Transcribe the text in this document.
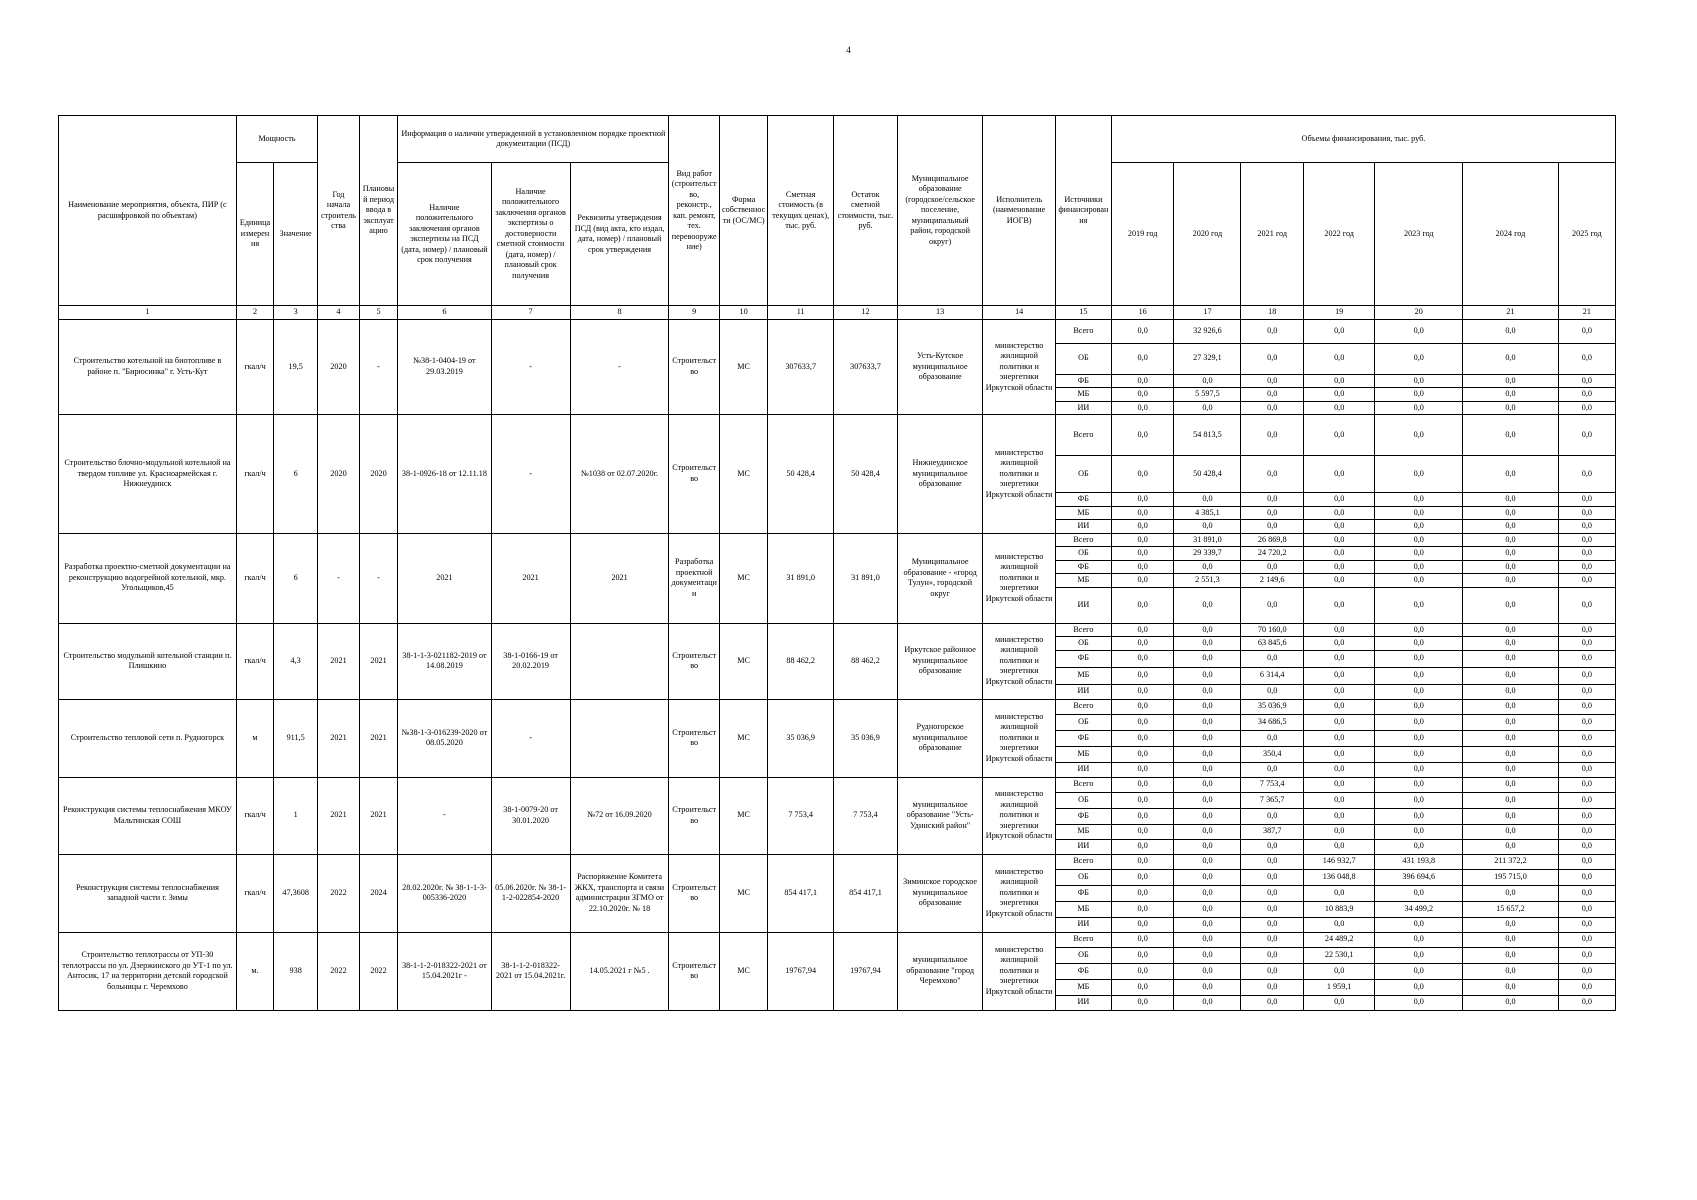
4
Наименование мероприятия, объекта, ПИР (с расшифровкой по объектам)	Мощность		Год начала строительства	Плановый период ввода в эксплуатацию	Информация о наличии утвержденной в установленном порядке проектной документации (ПСД)			Вид работ (строительство, реконстр., кап. ремонт, тех. перевооружение)	Форма собственности (ОС/МС)	Сметная стоимость (в текущих ценах), тыс. руб.	Остаток сметной стоимости, тыс. руб.	Муниципальное образование (городское/сельское поселение, муниципальный район, городской округ)	Исполнитель (наименование ИОГВ)	Источники финансирования	Объемы финансирования, тыс. руб.						
	Единица измерения	Значение			Наличие положительного заключения органов экспертизы на ПСД (дата, номер) / плановый срок получения	Наличие положительного заключения органов экспертизы о достоверности сметной стоимости (дата, номер) / плановый срок получения	Реквизиты утверждения ПСД (вид акта, кто издал, дата, номер) / плановый срок утверждения								2019 год	2020 год	2021 год	2022 год	2023 год	2024 год	2025 год
1	2	3	4	5	6	7	8	9	10	11	12	13	14	15	16	17	18	19	20	21	21
Строительство котельной на биотопливе в районе п. "Бирюсинка" г. Усть-Кут	гкал/ч	19,5	2020	-	№38-1-0404-19 от 29.03.2019	-	-	Строительство	МС	307633,7	307633,7	Усть-Кутское муниципальное образование	министерство жилищной политики и энергетики Иркутской области	Всего	0,0	32 926,6	0,0	0,0	0,0	0,0	0,0
														ОБ	0,0	27 329,1	0,0	0,0	0,0	0,0	0,0
														ФБ	0,0	0,0	0,0	0,0	0,0	0,0	0,0
														МБ	0,0	5 597,5	0,0	0,0	0,0	0,0	0,0
														ИИ	0,0	0,0	0,0	0,0	0,0	0,0	0,0
Строительство блочно-модульной котельной на твердом топливе ул. Красноармейская г. Нижнеудинск	гкал/ч	6	2020	2020	38-1-0926-18 от 12.11.18	-	№1038 от 02.07.2020г.	Строительство	МС	50 428,4	50 428,4	Нижнеудинское муниципальное образование	министерство жилищной политики и энергетики Иркутской области	Всего	0,0	54 813,5	0,0	0,0	0,0	0,0	0,0
														ОБ	0,0	50 428,4	0,0	0,0	0,0	0,0	0,0
														ФБ	0,0	0,0	0,0	0,0	0,0	0,0	0,0
														МБ	0,0	4 385,1	0,0	0,0	0,0	0,0	0,0
														ИИ	0,0	0,0	0,0	0,0	0,0	0,0	0,0
Разработка проектно-сметной документации на реконструкцию водогрейной котельной, мкр. Угольщиков,45	гкал/ч	6	-	-	2021	2021	2021	Разработка проектной документации	МС	31 891,0	31 891,0	Муниципальное образование - «город Тулун», городской округ	министерство жилищной политики и энергетики Иркутской области	Всего	0,0	31 891,0	26 869,8	0,0	0,0	0,0	0,0
														ОБ	0,0	29 339,7	24 720,2	0,0	0,0	0,0	0,0
														ФБ	0,0	0,0	0,0	0,0	0,0	0,0	0,0
														МБ	0,0	2 551,3	2 149,6	0,0	0,0	0,0	0,0
														ИИ	0,0	0,0	0,0	0,0	0,0	0,0	0,0
Строительство модульной котельной станции п. Плишкино	гкал/ч	4,3	2021	2021	38-1-1-3-021182-2019 от 14.08.2019	38-1-0166-19 от 20.02.2019		Строительство	МС	88 462,2	88 462,2	Иркутское районное муниципальное образование	министерство жилищной политики и энергетики Иркутской области	Всего	0,0	0,0	70 160,0	0,0	0,0	0,0	0,0
														ОБ	0,0	0,0	63 845,6	0,0	0,0	0,0	0,0
														ФБ	0,0	0,0	0,0	0,0	0,0	0,0	0,0
														МБ	0,0	0,0	6 314,4	0,0	0,0	0,0	0,0
														ИИ	0,0	0,0	0,0	0,0	0,0	0,0	0,0
Строительство тепловой сети п. Рудногорск	м	911,5	2021	2021	№38-1-3-016239-2020 от 08.05.2020	-		Строительство	МС	35 036,9	35 036,9	Рудногорское муниципальное образование	министерство жилищной политики и энергетики Иркутской области	Всего	0,0	0,0	35 036,9	0,0	0,0	0,0	0,0
														ОБ	0,0	0,0	34 686,5	0,0	0,0	0,0	0,0
														ФБ	0,0	0,0	0,0	0,0	0,0	0,0	0,0
														МБ	0,0	0,0	350,4	0,0	0,0	0,0	0,0
														ИИ	0,0	0,0	0,0	0,0	0,0	0,0	0,0
Реконструкция системы теплоснабжения МКОУ Мальтинская СОШ	гкал/ч	1	2021	2021	-	38-1-0079-20 от 30.01.2020	№72 от 16.09.2020	Строительство	МС	7 753,4	7 753,4	муниципальное образование "Усть-Удинский район"	министерство жилищной политики и энергетики Иркутской области	Всего	0,0	0,0	7 753,4	0,0	0,0	0,0	0,0
														ОБ	0,0	0,0	7 365,7	0,0	0,0	0,0	0,0
														ФБ	0,0	0,0	0,0	0,0	0,0	0,0	0,0
														МБ	0,0	0,0	387,7	0,0	0,0	0,0	0,0
														ИИ	0,0	0,0	0,0	0,0	0,0	0,0	0,0
Реконструкция системы теплоснабжения западной части г. Зимы	гкал/ч	47,3608	2022	2024	28.02.2020г. № 38-1-1-3-005336-2020	05.06.2020г. № 38-1-1-2-022854-2020	Распоряжение Комитета ЖКХ, транспорта и связи администрации ЗГМО от 22.10.2020г. № 18	Строительство	МС	854 417,1	854 417,1	Зиминское городское муниципальное образование	министерство жилищной политики и энергетики Иркутской области	Всего	0,0	0,0	0,0	146 932,7	431 193,8	211 372,2	0,0
														ОБ	0,0	0,0	0,0	136 048,8	396 694,6	195 715,0	0,0
														ФБ	0,0	0,0	0,0	0,0	0,0	0,0	0,0
														МБ	0,0	0,0	0,0	10 883,9	34 499,2	15 657,2	0,0
														ИИ	0,0	0,0	0,0	0,0	0,0	0,0	0,0
Строительство теплотрассы от УП-30 теплотрассы по ул. Дзержинского до УТ-1 по ул. Антосик, 17 на территории детской городской больницы г. Черемхово	м.	938	2022	2022	38-1-1-2-018322-2021 от 15.04.2021г -	38-1-1-2-018322-2021 от 15.04.2021г.	14.05.2021 г №5 .	Строительство	МС	19767,94	19767,94	муниципальное образование "город Черемхово"	министерство жилищной политики и энергетики Иркутской области	Всего	0,0	0,0	0,0	24 489,2	0,0	0,0	0,0
														ОБ	0,0	0,0	0,0	22 530,1	0,0	0,0	0,0
														ФБ	0,0	0,0	0,0	0,0	0,0	0,0	0,0
														МБ	0,0	0,0	0,0	1 959,1	0,0	0,0	0,0
														ИИ	0,0	0,0	0,0	0,0	0,0	0,0	0,0
